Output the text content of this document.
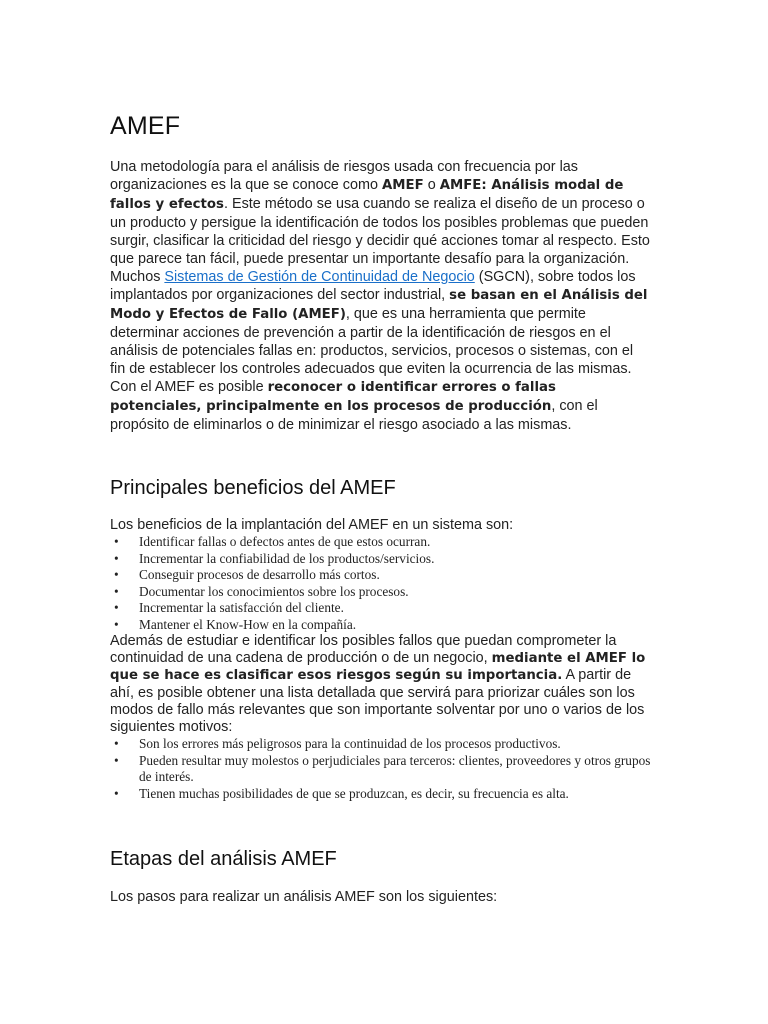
AMEF

Una metodología para el análisis de riesgos usada con frecuencia por las organizaciones es la que se conoce como AMEF o AMFE: Análisis modal de fallos y efectos. Este método se usa cuando se realiza el diseño de un proceso o un producto y persigue la identificación de todos los posibles problemas que pueden surgir, clasificar la criticidad del riesgo y decidir qué acciones tomar al respecto. Esto que parece tan fácil, puede presentar un importante desafío para la organización. Muchos Sistemas de Gestión de Continuidad de Negocio (SGCN), sobre todos los implantados por organizaciones del sector industrial, se basan en el Análisis del Modo y Efectos de Fallo (AMEF), que es una herramienta que permite determinar acciones de prevención a partir de la identificación de riesgos en el análisis de potenciales fallas en: productos, servicios, procesos o sistemas, con el fin de establecer los controles adecuados que eviten la ocurrencia de las mismas. Con el AMEF es posible reconocer o identificar errores o fallas potenciales, principalmente en los procesos de producción, con el propósito de eliminarlos o de minimizar el riesgo asociado a las mismas.

Principales beneficios del AMEF

Los beneficios de la implantación del AMEF en un sistema son:

• Identificar fallas o defectos antes de que estos ocurran.
• Incrementar la confiabilidad de los productos/servicios.
• Conseguir procesos de desarrollo más cortos.
• Documentar los conocimientos sobre los procesos.
• Incrementar la satisfacción del cliente.
• Mantener el Know-How en la compañía.

Además de estudiar e identificar los posibles fallos que puedan comprometer la continuidad de una cadena de producción o de un negocio, mediante el AMEF lo que se hace es clasificar esos riesgos según su importancia. A partir de ahí, es posible obtener una lista detallada que servirá para priorizar cuáles son los modos de fallo más relevantes que son importante solventar por uno o varios de los siguientes motivos:

• Son los errores más peligrosos para la continuidad de los procesos productivos.
• Pueden resultar muy molestos o perjudiciales para terceros: clientes, proveedores y otros grupos de interés.
• Tienen muchas posibilidades de que se produzcan, es decir, su frecuencia es alta.
Etapas del análisis AMEF

Los pasos para realizar un análisis AMEF son los siguientes:
